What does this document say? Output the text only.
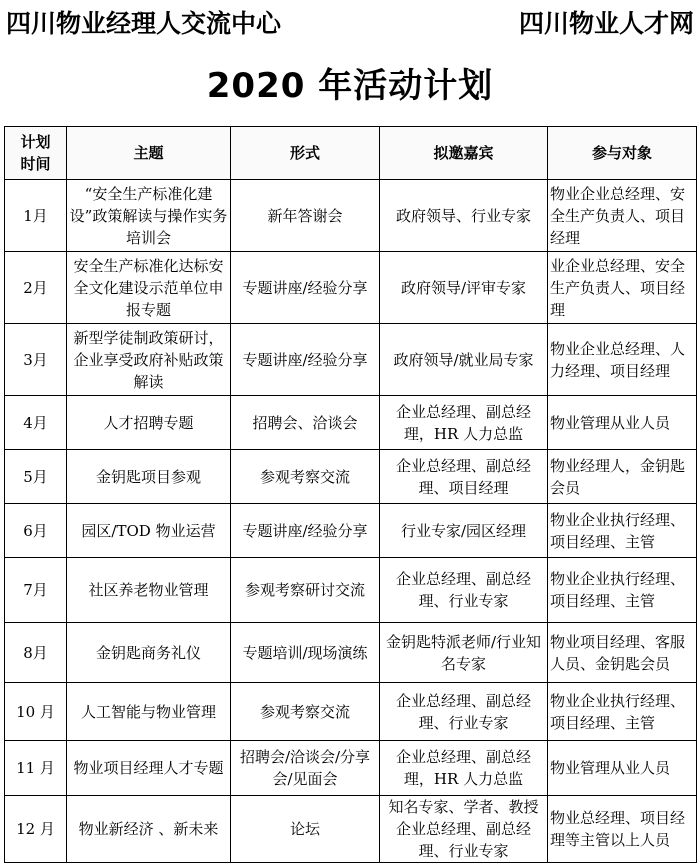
四川物业经理人交流中心	四川物业人才网
2020 年活动计划
计划时间	主题	形式	拟邀嘉宾	参与对象
1月	“安全生产标准化建设”政策解读与操作实务培训会	新年答谢会	政府领导、行业专家	物业企业总经理、安全生产负责人、项目经理
2月	安全生产标准化达标安全文化建设示范单位申报专题	专题讲座/经验分享	政府领导/评审专家	业企业总经理、安全生产负责人、项目经理
3月	新型学徒制政策研讨，企业享受政府补贴政策解读	专题讲座/经验分享	政府领导/就业局专家	物业企业总经理、人力经理、项目经理
4月	人才招聘专题	招聘会、洽谈会	企业总经理、副总经理，HR 人力总监	物业管理从业人员
5月	金钥匙项目参观	参观考察交流	企业总经理、副总经理、项目经理	物业经理人，金钥匙会员
6月	园区/TOD 物业运营	专题讲座/经验分享	行业专家/园区经理	物业企业执行经理、项目经理、主管
7月	社区养老物业管理	参观考察研讨交流	企业总经理、副总经理、行业专家	物业企业执行经理、项目经理、主管
8月	金钥匙商务礼仪	专题培训/现场演练	金钥匙特派老师/行业知名专家	物业项目经理、客服人员、金钥匙会员
10 月	人工智能与物业管理	参观考察交流	企业总经理、副总经理、行业专家	物业企业执行经理、项目经理、主管
11 月	物业项目经理人才专题	招聘会/洽谈会/分享会/见面会	企业总经理、副总经理，HR 人力总监	物业管理从业人员
12 月	物业新经济 、新未来	论坛	知名专家、学者、教授企业总经理、副总经理、行业专家	物业总经理、项目经理等主管以上人员
